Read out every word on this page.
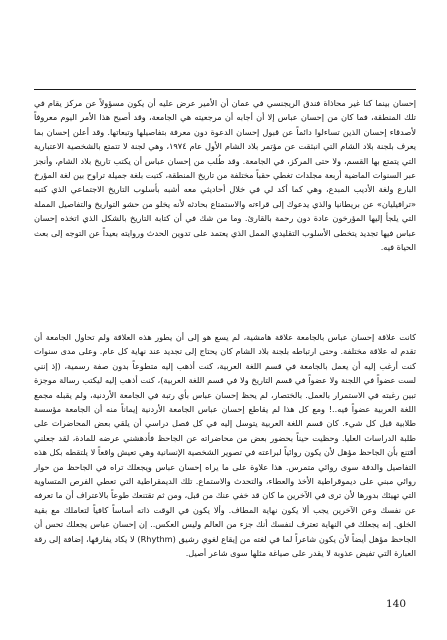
إحسان بينما كنا غير محاذاة فندق الريجنسي في عمان أن الأمير عرض عليه أن يكون مسؤولاً عن مركز يقام في تلك المنطقة، فما كان من إحسان عباس إلا أن أجابه أن مرجعيته هي الجامعة، وقد أصبح هذا الأمر اليوم معروفاً لأصدقاء إحسان الذين تساءلوا دائماً عن قبول إحسان الدعوة دون معرفة بتفاصيلها وتبعاتها. وقد أعلن إحسان بما يعرف بلجنة بلاد الشام التي انبثقت عن مؤتمر بلاد الشام الأول عام ١٩٧٤، وهي لجنة لا تتمتع بالشخصية الاعتبارية التي يتمتع بها القسم، ولا حتى المركز، في الجامعة. وقد طُلب من إحسان عباس أن يكتب تاريخ بلاد الشام، وأنجز عبر السنوات الماضية أربعة مجلدات تغطي حقباً مختلفة من تاريخ المنطقة، كتبت بلغة جميلة تراوح بين لغة المؤرخ البارع ولغة الأديب المبدع، وهي كما أكد لي في خلال أحاديثي معه أشبه بأسلوب التاريخ الاجتماعي الذي كتبه «ترافيليان» عن بريطانيا والذي يدعوك إلى قراءته والاستمتاع بحادثه لأنه يخلو من حشو التواريخ والتفاصيل المملة التي يلجأ إليها المؤرخون عادة دون رحمة بالقارئ. وما من شك في أن كتابة التاريخ بالشكل الذي اتخذه إحسان عباس فيها تجديد يتخطى الأسلوب التقليدي الممل الذي يعتمد على تدوين الحدث وروايته بعيداً عن التوجه إلى بعث الحياة فيه.

كانت علاقة إحسان عباس بالجامعة علاقة هامشية، لم يسع هو إلى أن يطور هذه العلاقة ولم تحاول الجامعة أن تقدم له علاقة مختلفة. وحتى ارتباطه بلجنة بلاد الشام كان يحتاج إلى تجديد عند نهاية كل عام. وعلى مدى سنوات كنت أرغب إليه أن يعمل بالجامعة في قسم اللغة العربية، كنت أذهب إليه متطوعاً بدون صفة رسمية، (إذ إنني لست عضواً في اللجنة ولا عضواً في قسم التاريخ ولا في قسم اللغة العربية)، كنت أذهب إليه ليكتب رسالة موجزة تبين رغبته في الاستمرار بالعمل. بالختصار، لم يحظ إحسان عباس بأي رتبة في الجامعة الأردنية، ولم يقبله مجمع اللغة العربية عضواً فيه..! ومع كل هذا لم يقاطع إحسان عباس الجامعة الأردنية إيماناً منه أن الجامعة مؤسسة طلابية قبل كل شيء. كان قسم اللغة العربية يتوسل إليه في كل فصل دراسي أن يلقي بعض المحاضرات على طلبة الدراسات العليا. وحظيت حيناً بحضور بعض من محاضراته عن الجاحظ فأدهشني عرضه للمادة، لقد جعلني أقتنع بأن الجاحظ مؤهل لأن يكون روائياً لبراعته في تصوير الشخصية الإنسانية وهي تعيش واقعاً لا يلتقطه بكل هذه التفاصيل والدقة سوى روائي متمرس. هذا علاوة على ما يراه إحسان عباس ويجعلك تراه في الجاحظ من حوار روائي مبني على ديموقراطية الأخذ والعطاء، والتحدث والاستماع. تلك الديمقراطية التي تعطي الفرص المتساوية التي تهيئك بدورها لأن ترى في الآخرين ما كان قد خفي عنك من قبل، ومن ثم تقتنعك طوعاً بالاعتراف أن ما تعرفه عن نفسك وعن الآخرين يجب ألا يكون نهاية المطاف. وألا يكون في الوقت ذاته أساساً كافياً لتعاملك مع بقية الخلق. إنه يجعلك في النهاية تعترف لنفسك أنك جزء من العالم وليس العكس.. إن إحسان عباس يجعلك تحس أن الجاحظ مؤهل أيضاً لأن يكون شاعراً لما في لغته من إيقاع لغوي رشيق (Rhythm) لا يكاد يفارقها، إضافة إلى رقة العبارة التي تفيض عذوبة لا يقدر على صياغة مثلها سوى شاعر أصيل.

140
